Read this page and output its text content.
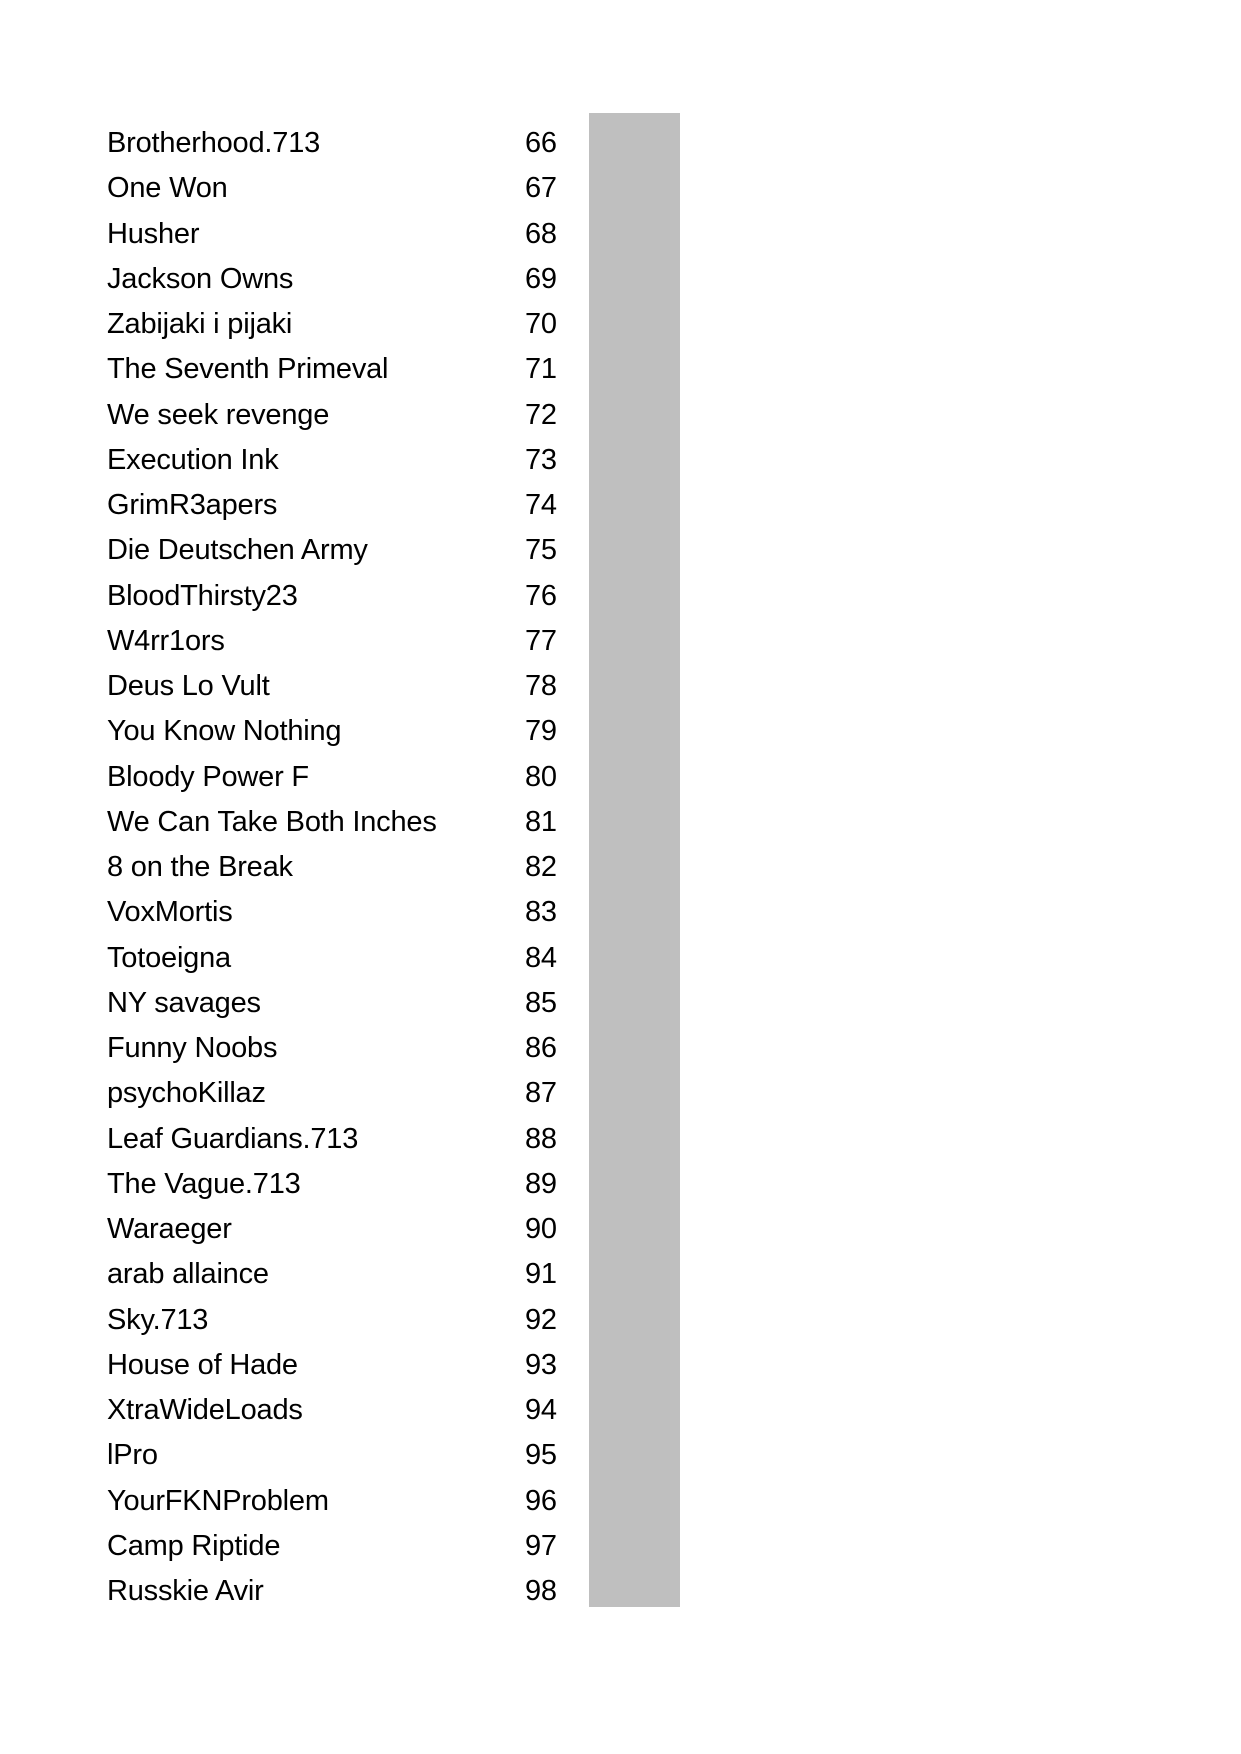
Brotherhood.713	66
One Won	67
Husher	68
Jackson Owns	69
Zabijaki i pijaki	70
The Seventh Primeval	71
We seek revenge	72
Execution Ink	73
GrimR3apers	74
Die Deutschen Army	75
BloodThirsty23	76
W4rr1ors	77
Deus Lo Vult	78
You Know Nothing	79
Bloody Power F	80
We Can Take Both Inches	81
8 on the Break	82
VoxMortis	83
Totoeigna	84
NY savages	85
Funny Noobs	86
psychoKillaz	87
Leaf Guardians.713	88
The Vague.713	89
Waraeger	90
arab allaince	91
Sky.713	92
House of Hade	93
XtraWideLoads	94
lPro	95
YourFKNProblem	96
Camp Riptide	97
Russkie Avir	98
